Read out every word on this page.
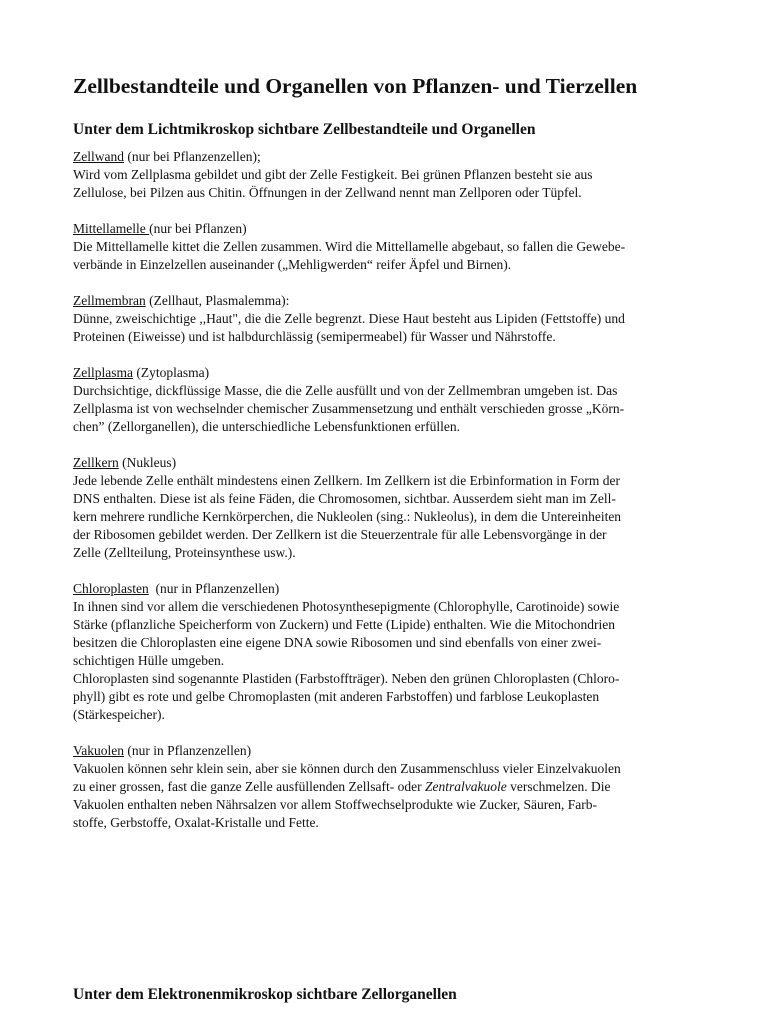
Zellbestandteile und Organellen von Pflanzen- und Tierzellen
Unter dem Lichtmikroskop sichtbare Zellbestandteile und Organellen
Zellwand (nur bei Pflanzenzellen);
Wird vom Zellplasma gebildet und gibt der Zelle Festigkeit. Bei grünen Pflanzen besteht sie aus
Zellulose, bei Pilzen aus Chitin. Öffnungen in der Zellwand nennt man Zellporen oder Tüpfel.
Mittellamelle (nur bei Pflanzen)
Die Mittellamelle kittet die Zellen zusammen. Wird die Mittellamelle abgebaut, so fallen die Gewebe-
verbände in Einzelzellen auseinander („Mehligwerden“ reifer Äpfel und Birnen).
Zellmembran (Zellhaut, Plasmalemma):
Dünne, zweischichtige ,,Haut", die die Zelle begrenzt. Diese Haut besteht aus Lipiden (Fettstoffe) und
Proteinen (Eiweisse) und ist halbdurchlässig (semipermeabel) für Wasser und Nährstoffe.
Zellplasma (Zytoplasma)
Durchsichtige, dickflüssige Masse, die die Zelle ausfüllt und von der Zellmembran umgeben ist. Das
Zellplasma ist von wechselnder chemischer Zusammensetzung und enthält verschieden grosse „Körn-
chen” (Zellorganellen), die unterschiedliche Lebensfunktionen erfüllen.
Zellkern (Nukleus)
Jede lebende Zelle enthält mindestens einen Zellkern. Im Zellkern ist die Erbinformation in Form der
DNS enthalten. Diese ist als feine Fäden, die Chromosomen, sichtbar. Ausserdem sieht man im Zell-
kern mehrere rundliche Kernkörperchen, die Nukleolen (sing.: Nukleolus), in dem die Untereinheiten
der Ribosomen gebildet werden. Der Zellkern ist die Steuerzentrale für alle Lebensvorgänge in der
Zelle (Zellteilung, Proteinsynthese usw.).
Chloroplasten  (nur in Pflanzenzellen)
In ihnen sind vor allem die verschiedenen Photosynthesepigmente (Chlorophylle, Carotinoide) sowie
Stärke (pflanzliche Speicherform von Zuckern) und Fette (Lipide) enthalten. Wie die Mitochondrien
besitzen die Chloroplasten eine eigene DNA sowie Ribosomen und sind ebenfalls von einer zwei-
schichtigen Hülle umgeben.
Chloroplasten sind sogenannte Plastiden (Farbstoffträger). Neben den grünen Chloroplasten (Chloro-
phyll) gibt es rote und gelbe Chromoplasten (mit anderen Farbstoffen) und farblose Leukoplasten
(Stärkespeicher).
Vakuolen (nur in Pflanzenzellen)
Vakuolen können sehr klein sein, aber sie können durch den Zusammenschluss vieler Einzelvakuolen
zu einer grossen, fast die ganze Zelle ausfüllenden Zellsaft- oder Zentralvakuole verschmelzen. Die
Vakuolen enthalten neben Nährsalzen vor allem Stoffwechselprodukte wie Zucker, Säuren, Farb-
stoffe, Gerbstoffe, Oxalat-Kristalle und Fette.
Unter dem Elektronenmikroskop sichtbare Zellorganellen
